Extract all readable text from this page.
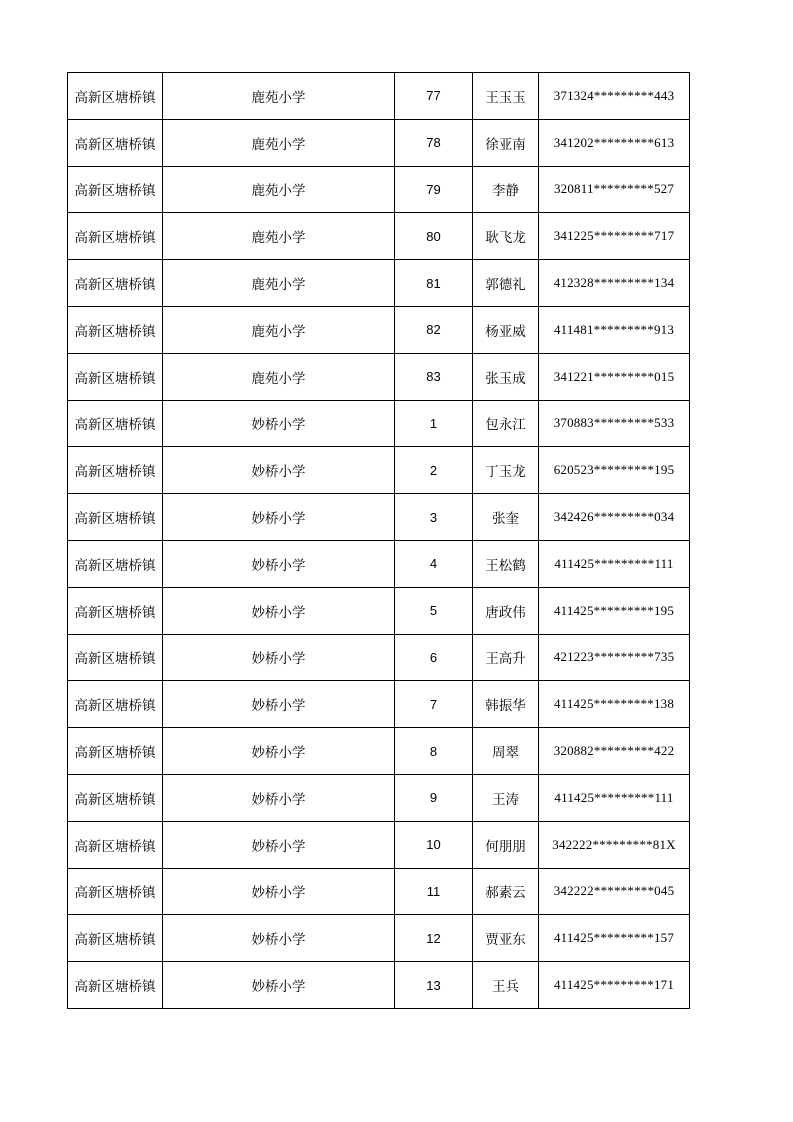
高新区塘桥镇	鹿苑小学	77	王玉玉	371324*********443
高新区塘桥镇	鹿苑小学	78	徐亚南	341202*********613
高新区塘桥镇	鹿苑小学	79	李静	320811*********527
高新区塘桥镇	鹿苑小学	80	耿飞龙	341225*********717
高新区塘桥镇	鹿苑小学	81	郭德礼	412328*********134
高新区塘桥镇	鹿苑小学	82	杨亚威	411481*********913
高新区塘桥镇	鹿苑小学	83	张玉成	341221*********015
高新区塘桥镇	妙桥小学	1	包永江	370883*********533
高新区塘桥镇	妙桥小学	2	丁玉龙	620523*********195
高新区塘桥镇	妙桥小学	3	张奎	342426*********034
高新区塘桥镇	妙桥小学	4	王松鹤	411425*********111
高新区塘桥镇	妙桥小学	5	唐政伟	411425*********195
高新区塘桥镇	妙桥小学	6	王高升	421223*********735
高新区塘桥镇	妙桥小学	7	韩振华	411425*********138
高新区塘桥镇	妙桥小学	8	周翠	320882*********422
高新区塘桥镇	妙桥小学	9	王涛	411425*********111
高新区塘桥镇	妙桥小学	10	何朋朋	342222*********81X
高新区塘桥镇	妙桥小学	11	郝素云	342222*********045
高新区塘桥镇	妙桥小学	12	贾亚东	411425*********157
高新区塘桥镇	妙桥小学	13	王兵	411425*********171
